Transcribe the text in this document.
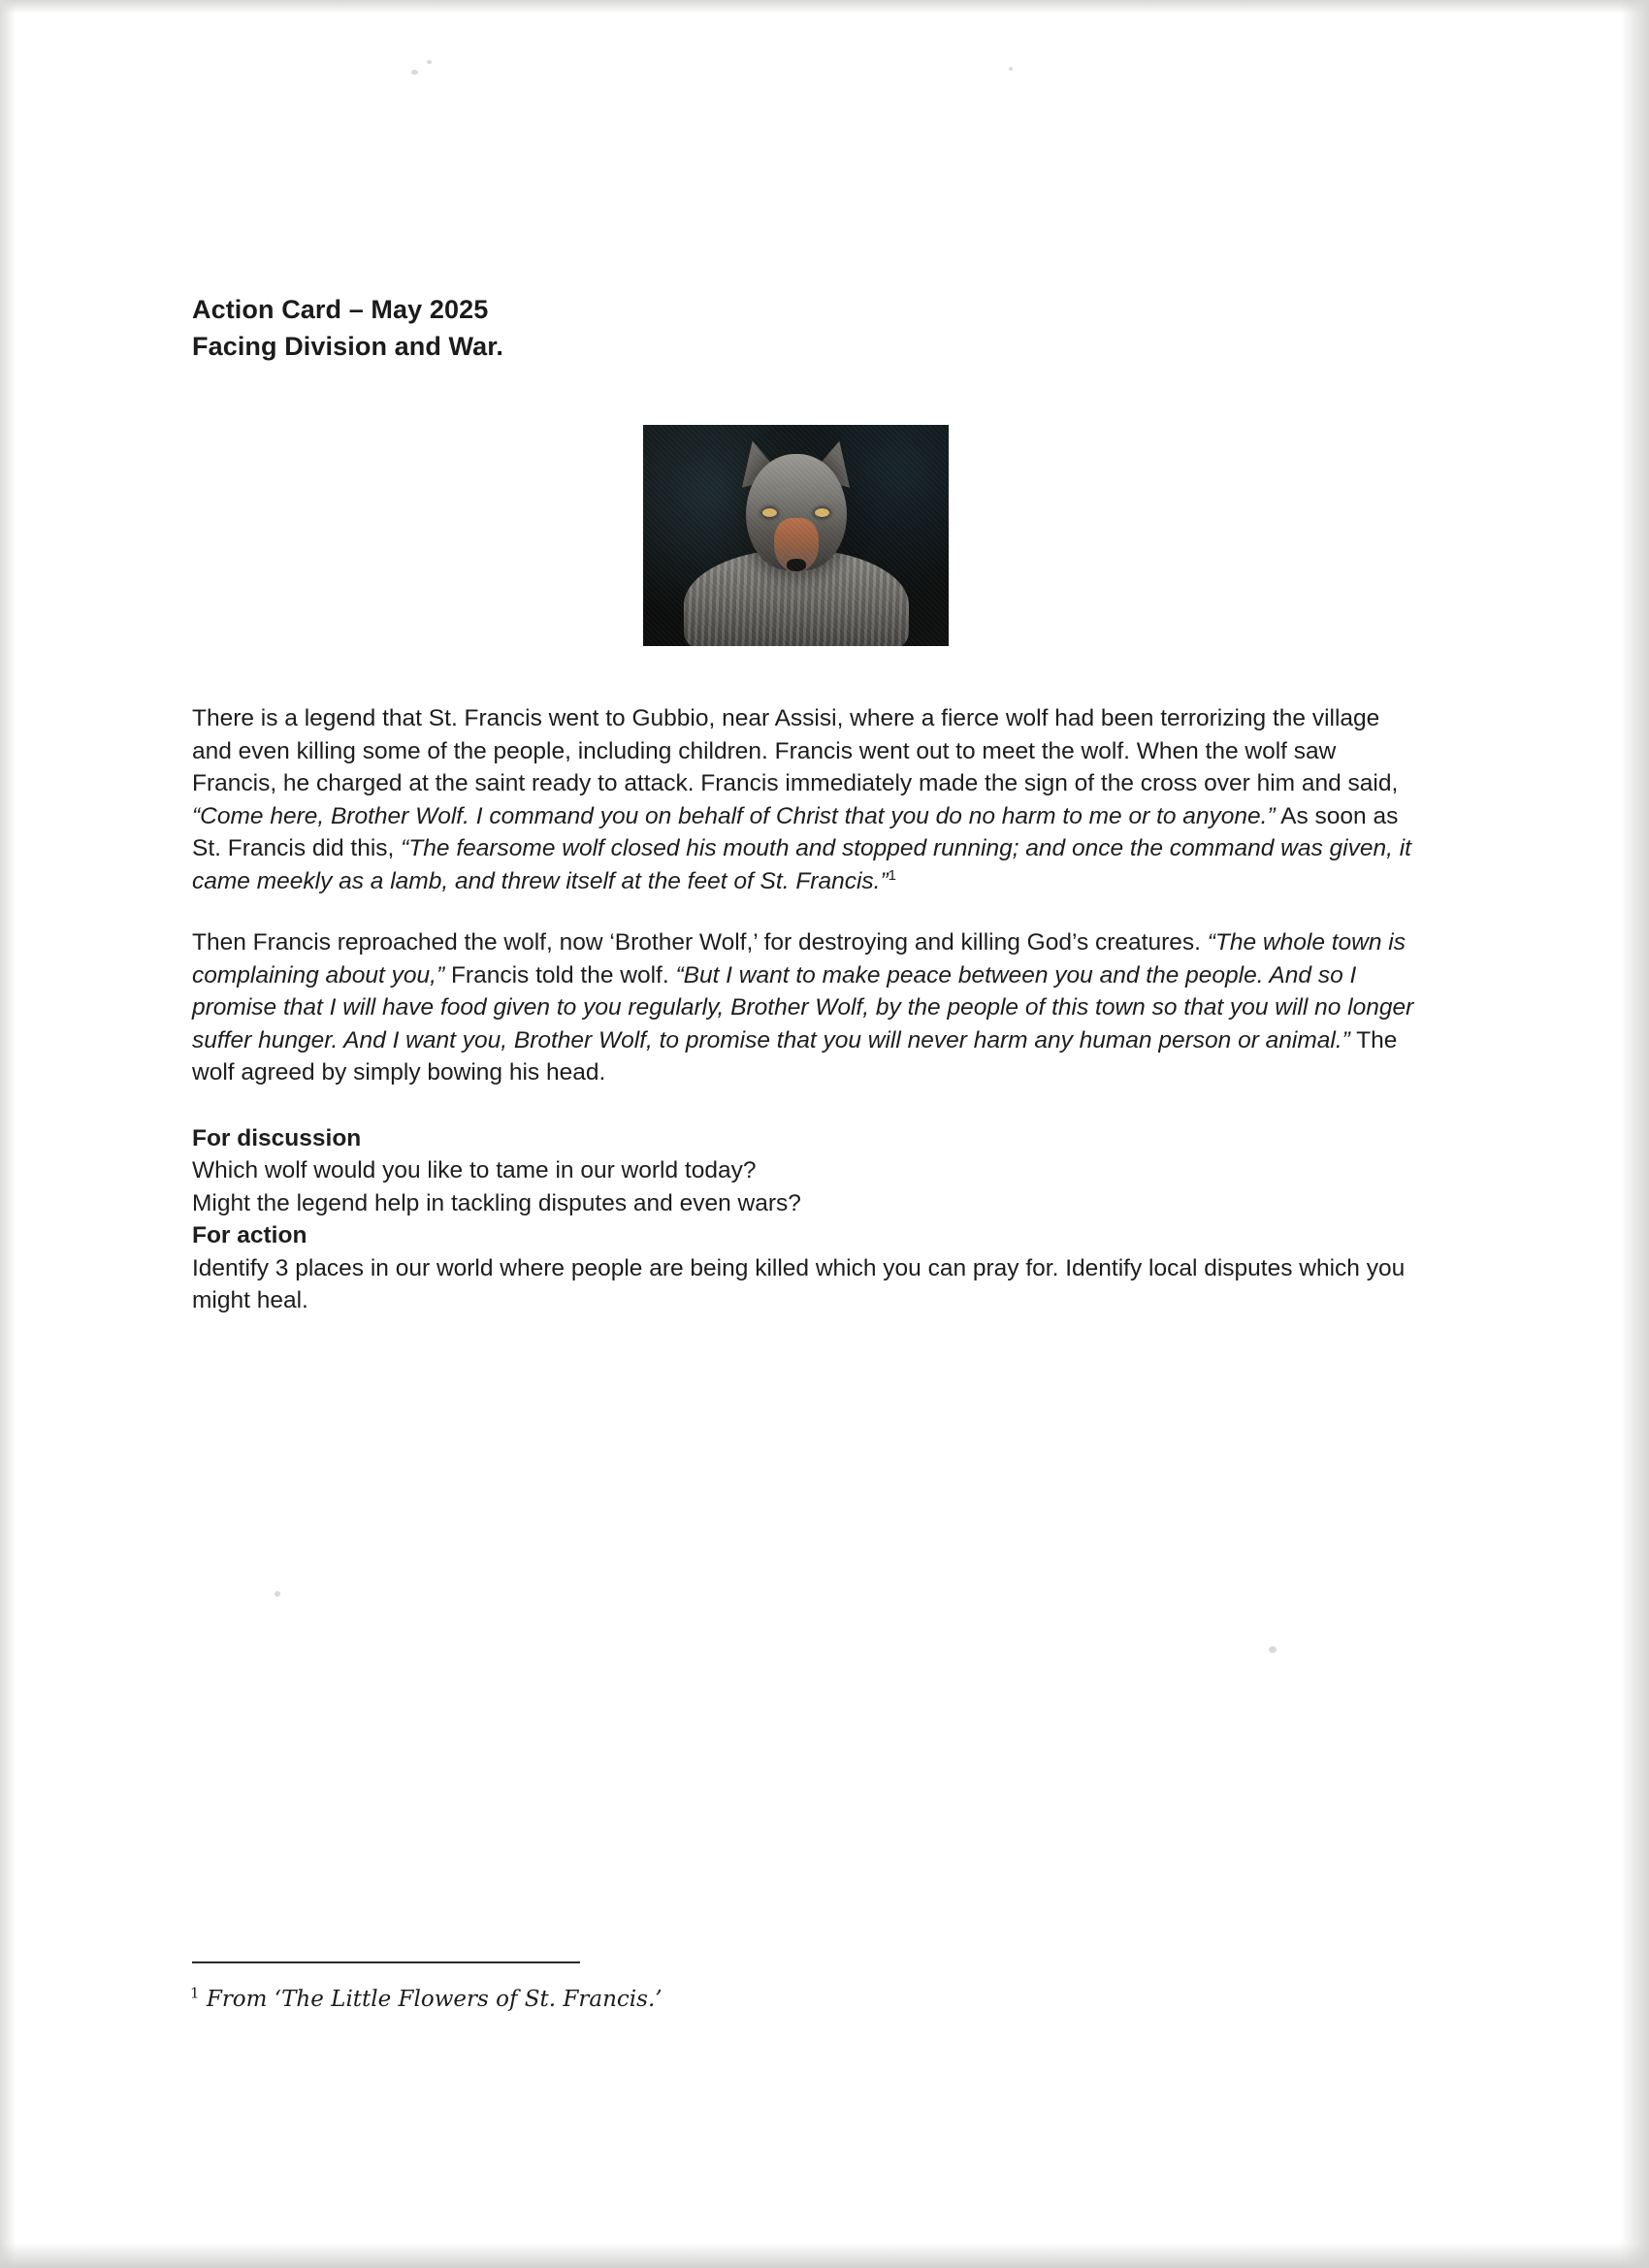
Action Card – May 2025
Facing Division and War.

There is a legend that St. Francis went to Gubbio, near Assisi, where a fierce wolf had been terrorizing the village and even killing some of the people, including children. Francis went out to meet the wolf. When the wolf saw Francis, he charged at the saint ready to attack. Francis immediately made the sign of the cross over him and said, “Come here, Brother Wolf. I command you on behalf of Christ that you do no harm to me or to anyone.” As soon as St. Francis did this, “The fearsome wolf closed his mouth and stopped running; and once the command was given, it came meekly as a lamb, and threw itself at the feet of St. Francis.”$^1$

Then Francis reproached the wolf, now ‘Brother Wolf,’ for destroying and killing God’s creatures. “The whole town is complaining about you,” Francis told the wolf. “But I want to make peace between you and the people. And so I promise that I will have food given to you regularly, Brother Wolf, by the people of this town so that you will no longer suffer hunger. And I want you, Brother Wolf, to promise that you will never harm any human person or animal.” The wolf agreed by simply bowing his head.

For discussion
Which wolf would you like to tame in our world today?
Might the legend help in tackling disputes and even wars?
For action
Identify 3 places in our world where people are being killed which you can pray for. Identify local disputes which you might heal.
$^1$ From ‘The Little Flowers of St. Francis.’
